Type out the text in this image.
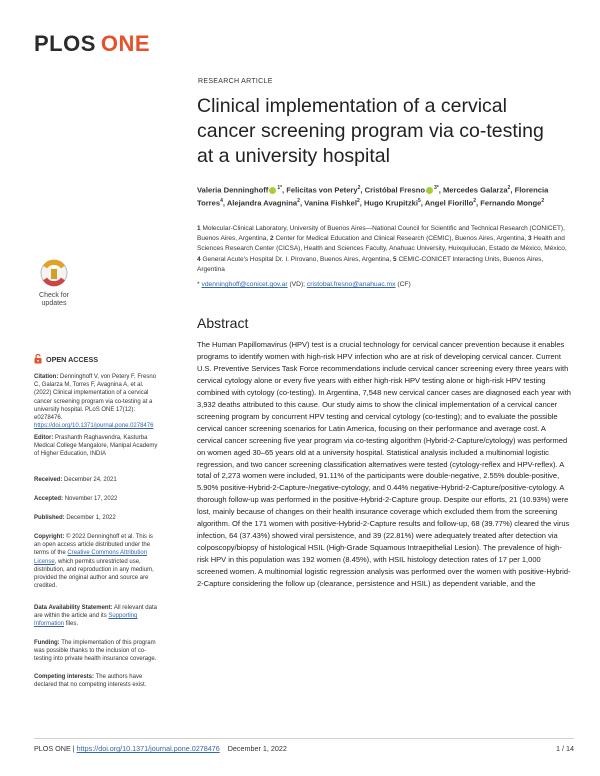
PLOS ONE
RESEARCH ARTICLE
Clinical implementation of a cervical cancer screening program via co-testing at a university hospital
Valeria Denninghoff $^{1*}$, Felicitas von Petery$^2$, Cristóbal Fresno $^{3*}$, Mercedes Galarza$^2$, Florencia Torres$^4$, Alejandra Avagnina$^2$, Vanina Fishkel$^2$, Hugo Krupitzki$^5$, Angel Fiorillo$^2$, Fernando Monge$^2$
1 Molecular-Clinical Laboratory, University of Buenos Aires—National Council for Scientific and Technical Research (CONICET), Buenos Aires, Argentina, 2 Center for Medical Education and Clinical Research (CEMIC), Buenos Aires, Argentina, 3 Health and Sciences Research Center (CICSA), Health and Sciences Faculty, Anahuac University, Huixquilucan, Estado de México, México, 4 General Acute's Hospital Dr. I. Pirovano, Buenos Aires, Argentina, 5 CEMIC-CONICET Interacting Units, Buenos Aires, Argentina
* vdenninghoff@conicet.gov.ar (VD); cristobal.fresno@anahuac.mx (CF)
Abstract
The Human Papillomavirus (HPV) test is a crucial technology for cervical cancer prevention because it enables programs to identify women with high-risk HPV infection who are at risk of developing cervical cancer. Current U.S. Preventive Services Task Force recommendations include cervical cancer screening every three years with cervical cytology alone or every five years with either high-risk HPV testing alone or high-risk HPV testing combined with cytology (co-testing). In Argentina, 7,548 new cervical cancer cases are diagnosed each year with 3,932 deaths attributed to this cause. Our study aims to show the clinical implementation of a cervical cancer screening program by concurrent HPV testing and cervical cytology (co-testing); and to evaluate the possible cervical cancer screening scenarios for Latin America, focusing on their performance and average cost. A cervical cancer screening five year program via co-testing algorithm (Hybrid-2-Capture/cytology) was performed on women aged 30–65 years old at a university hospital. Statistical analysis included a multinomial logistic regression, and two cancer screening classification alternatives were tested (cytology-reflex and HPV-reflex). A total of 2,273 women were included, 91.11% of the participants were double-negative, 2.55% double-positive, 5.90% positive-Hybrid-2-Capture-/negative-cytology, and 0.44% negative-Hybrid-2-Capture/positive-cytology. A thorough follow-up was performed in the positive-Hybrid-2-Capture group. Despite our efforts, 21 (10.93%) were lost, mainly because of changes on their health insurance coverage which excluded them from the screening algorithm. Of the 171 women with positive-Hybrid-2-Capture results and follow-up, 68 (39.77%) cleared the virus infection, 64 (37.43%) showed viral persistence, and 39 (22.81%) were adequately treated after detection via colposcopy/biopsy of histological HSIL (High-Grade Squamous Intraepithelial Lesion). The prevalence of high-risk HPV in this population was 192 women (8.45%), with HSIL histology detection rates of 17 per 1,000 screened women. A multinomial logistic regression analysis was performed over the women with positive-Hybrid-2-Capture considering the follow up (clearance, persistence and HSIL) as dependent variable, and the
Check for
updates
OPEN ACCESS
Citation: Denninghoff V, von Petery F, Fresno C, Galarza M, Torres F, Avagnina A, et al. (2022) Clinical implementation of a cervical cancer screening program via co-testing at a university hospital. PLoS ONE 17(12): e0278476. https://doi.org/10.1371/journal.pone.0278476
Editor: Prashanth Raghavendra, Kasturba Medical College Mangalore, Manipal Academy of Higher Education, INDIA
Received: December 24, 2021
Accepted: November 17, 2022
Published: December 1, 2022
Copyright: © 2022 Denninghoff et al. This is an open access article distributed under the terms of the Creative Commons Attribution License, which permits unrestricted use, distribution, and reproduction in any medium, provided the original author and source are credited.
Data Availability Statement: All relevant data are within the article and its Supporting Information files.
Funding: The implementation of this program was possible thanks to the inclusion of co-testing into private health insurance coverage.
Competing interests: The authors have declared that no competing interests exist.
PLOS ONE | https://doi.org/10.1371/journal.pone.0278476 December 1, 2022	1 / 14
